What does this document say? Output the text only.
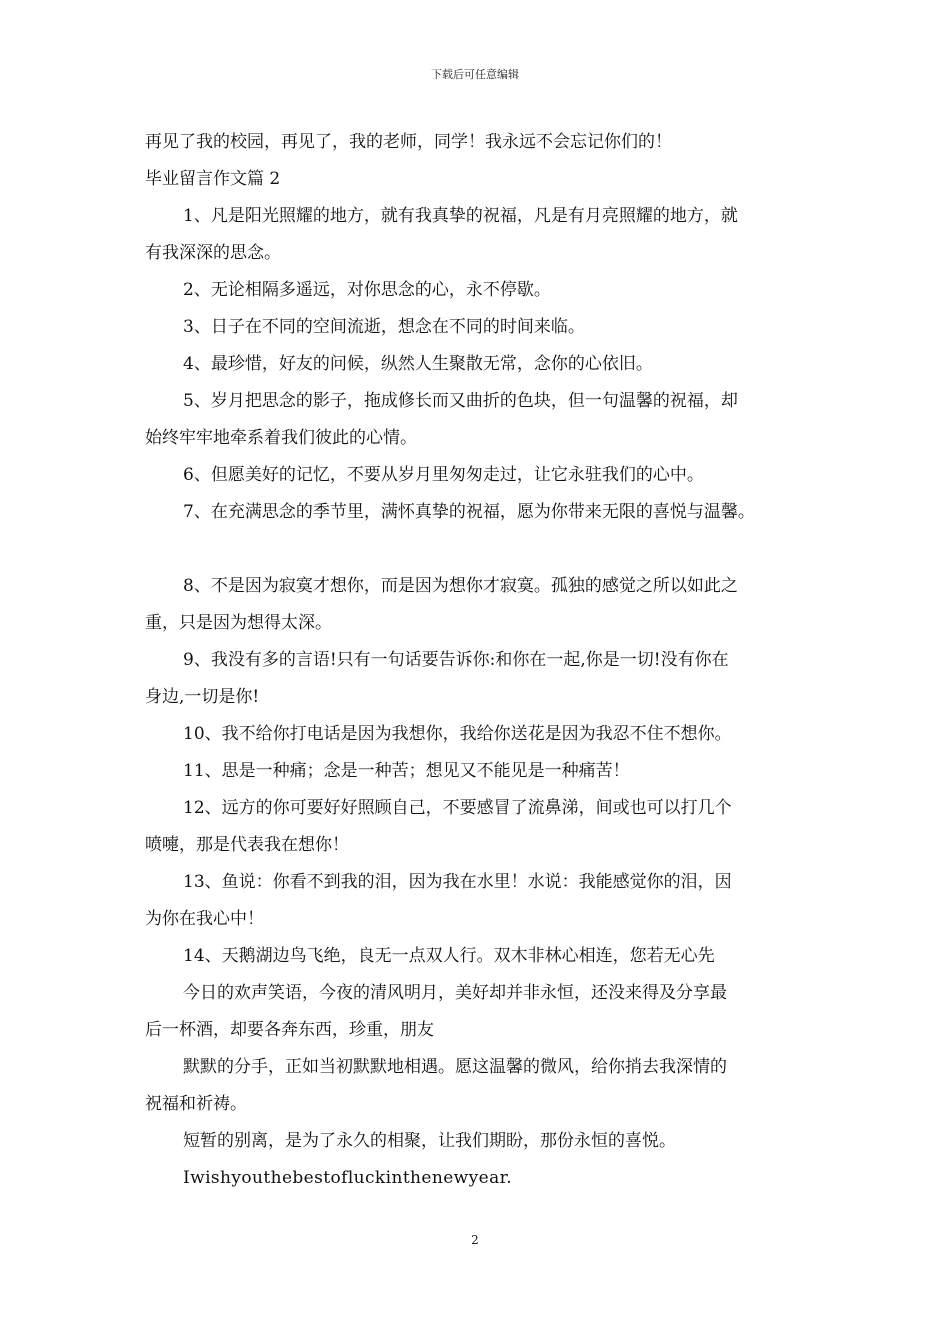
下载后可任意编辑

再见了我的校园，再见了，我的老师，同学！我永远不会忘记你们的！

毕业留言作文篇 2

1、凡是阳光照耀的地方，就有我真挚的祝福，凡是有月亮照耀的地方，就
有我深深的思念。

2、无论相隔多遥远，对你思念的心，永不停歇。

3、日子在不同的空间流逝，想念在不同的时间来临。

4、最珍惜，好友的问候，纵然人生聚散无常，念你的心依旧。

5、岁月把思念的影子，拖成修长而又曲折的色块，但一句温馨的祝福，却
始终牢牢地牵系着我们彼此的心情。

6、但愿美好的记忆，不要从岁月里匆匆走过，让它永驻我们的心中。

7、在充满思念的季节里，满怀真挚的祝福，愿为你带来无限的喜悦与温馨。

8、不是因为寂寞才想你，而是因为想你才寂寞。孤独的感觉之所以如此之
重，只是因为想得太深。

9、我没有多的言语!只有一句话要告诉你:和你在一起,你是一切!没有你在
身边,一切是你!

10、我不给你打电话是因为我想你，我给你送花是因为我忍不住不想你。

11、思是一种痛；念是一种苦；想见又不能见是一种痛苦！

12、远方的你可要好好照顾自己，不要感冒了流鼻涕，间或也可以打几个
喷嚏，那是代表我在想你！

13、鱼说：你看不到我的泪，因为我在水里！水说：我能感觉你的泪，因
为你在我心中！

14、天鹅湖边鸟飞绝，良无一点双人行。双木非林心相连，您若无心先

今日的欢声笑语，今夜的清风明月，美好却并非永恒，还没来得及分享最
后一杯酒，却要各奔东西，珍重，朋友

默默的分手，正如当初默默地相遇。愿这温馨的微风，给你捎去我深情的
祝福和祈祷。

短暂的别离，是为了永久的相聚，让我们期盼，那份永恒的喜悦。

Iwishyouthebestofluckinthenewyear.

2
